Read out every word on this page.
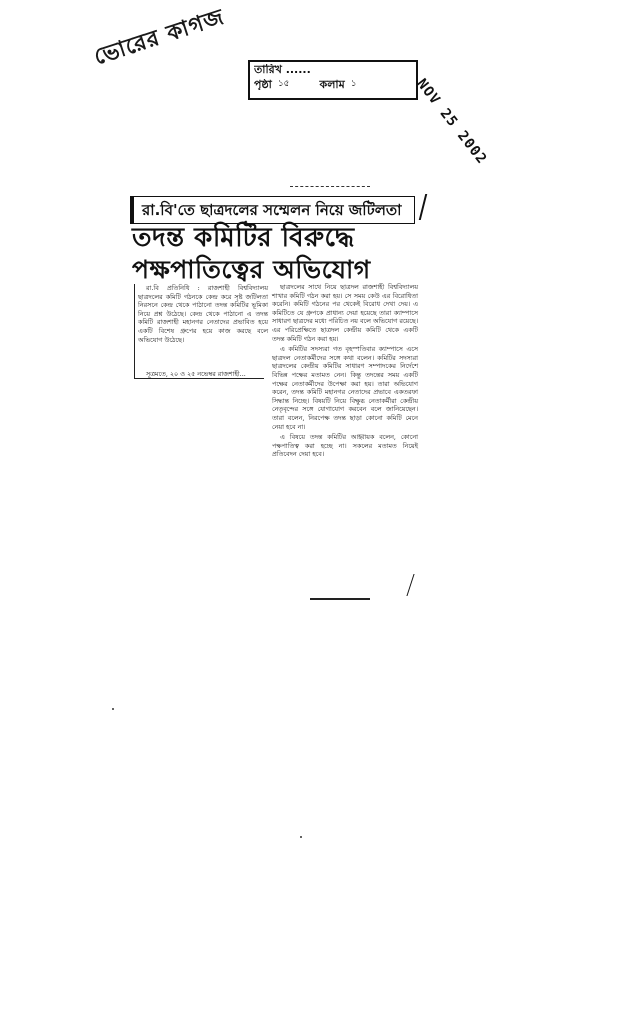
ভোরের কাগজ তারিখ ......
পৃষ্ঠা ১৫	কলাম ১	NOV 25 2002
রা.বি'তে ছাত্রদলের সম্মেলন নিয়ে জটিলতা
তদন্ত কমিটির বিরুদ্ধে
পক্ষপাতিত্বের অভিযোগ

রা.বি প্রতিনিধি : রাজশাহী বিশ্ববিদ্যালয় ছাত্রদলের কমিটি গঠনকে কেন্দ্র করে সৃষ্ট জটিলতা নিরসনে কেন্দ্র থেকে পাঠানো তদন্ত কমিটির ভূমিকা নিয়ে প্রশ্ন উঠেছে। কেন্দ্র থেকে পাঠানো এ তদন্ত কমিটি রাজশাহী মহানগর নেতাদের প্রভাবিত হয়ে একটি বিশেষ গ্রুপের হয়ে কাজ করছে বলে অভিযোগ উঠেছে।

সূত্রমতে, ২০ ও ২৫ নভেম্বর রাজশাহী...

ছাত্রদলের সাথে নিয়ে ছাত্রদল রাজশাহী বিশ্ববিদ্যালয় শাখার কমিটি গঠন করা হয়। সে সময় কেউ এর বিরোধিতা করেনি। কমিটি গঠনের পর থেকেই বিরোধ দেখা দেয়। এ কমিটিতে যে গ্রুপকে প্রাধান্য দেয়া হয়েছে তারা ক্যাম্পাসে সাধারণ ছাত্রদের মধ্যে পরিচিত নয় বলে অভিযোগ রয়েছে। এর পরিপ্রেক্ষিতে ছাত্রদল কেন্দ্রীয় কমিটি থেকে একটি তদন্ত কমিটি গঠন করা হয়।

এ কমিটির সদস্যরা গত বৃহস্পতিবার ক্যাম্পাসে এসে ছাত্রদল নেতাকর্মীদের সঙ্গে কথা বলেন। কমিটির সদস্যরা ছাত্রদলের কেন্দ্রীয় কমিটির সাধারণ সম্পাদকের নির্দেশে বিভিন্ন পক্ষের মতামত নেন। কিন্তু তদন্তের সময় একটি পক্ষের নেতাকর্মীদের উপেক্ষা করা হয়। তারা অভিযোগ করেন, তদন্ত কমিটি মহানগর নেতাদের প্রভাবে একতরফা সিদ্ধান্ত নিচ্ছে। বিষয়টি নিয়ে বিক্ষুব্ধ নেতাকর্মীরা কেন্দ্রীয় নেতৃবৃন্দের সঙ্গে যোগাযোগ করবেন বলে জানিয়েছেন। তারা বলেন, নিরপেক্ষ তদন্ত ছাড়া কোনো কমিটি মেনে নেয়া হবে না।

এ বিষয়ে তদন্ত কমিটির আহ্বায়ক বলেন, কোনো পক্ষপাতিত্ব করা হচ্ছে না। সকলের মতামত নিয়েই প্রতিবেদন দেয়া হবে।
